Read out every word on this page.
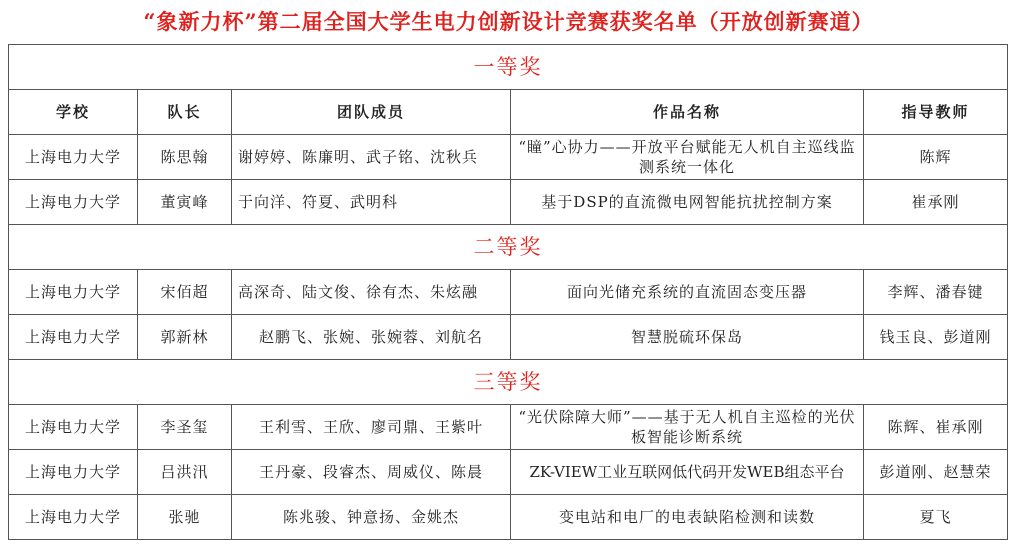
“象新力杯”第二届全国大学生电力创新设计竞赛获奖名单（开放创新赛道）
一等奖				
学校	队长	团队成员	作品名称	指导教师
上海电力大学	陈思翰	谢婷婷、陈廉明、武子铭、沈秋兵	“瞳”心协力——开放平台赋能无人机自主巡线监测系统一体化	陈辉
上海电力大学	董寅峰	于向洋、符夏、武明科	基于DSP的直流微电网智能抗扰控制方案	崔承刚
二等奖				
上海电力大学	宋佰超	高深奇、陆文俊、徐有杰、朱炫融	面向光储充系统的直流固态变压器	李辉、潘春键
上海电力大学	郭新林	赵鹏飞、张婉、张婉蓉、刘航名	智慧脱硫环保岛	钱玉良、彭道刚
三等奖				
上海电力大学	李圣玺	王利雪、王欣、廖司鼎、王紫叶	“光伏除障大师”——基于无人机自主巡检的光伏板智能诊断系统	陈辉、崔承刚
上海电力大学	吕洪汛	王丹豪、段睿杰、周威仪、陈晨	ZK-VIEW工业互联网低代码开发WEB组态平台	彭道刚、赵慧荣
上海电力大学	张驰	陈兆骏、钟意扬、金姚杰	变电站和电厂的电表缺陷检测和读数	夏飞
